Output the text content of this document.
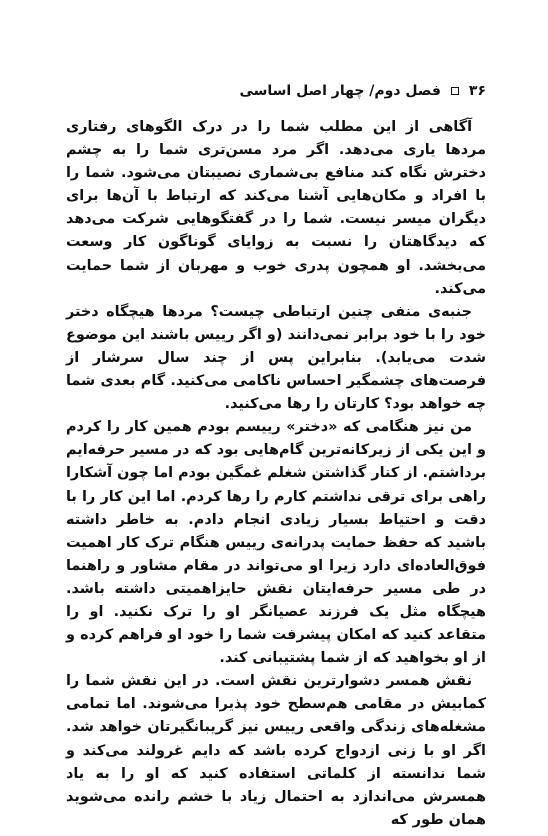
۳۶
فصل دوم/ چهار اصل اساسی

آگاهی از این مطلب شما را در درک الگوهای رفتاری مردها یاری می‌دهد. اگر مرد مسن‌تری شما را به چشم دخترش نگاه کند منافع بی‌شماری نصیبتان می‌شود. شما را با افراد و مکان‌هایی آشنا می‌کند که ارتباط با آن‌ها برای دیگران میسر نیست. شما را در گفتگوهایی شرکت می‌دهد که دیدگاهتان را نسبت به زوایای گوناگون کار وسعت می‌بخشد. او همچون پدری خوب و مهربان از شما حمایت می‌کند.

جنبه‌ی منفی چنین ارتباطی چیست؟ مردها هیچگاه دختر خود را با خود برابر نمی‌دانند (و اگر رییس باشند این موضوع شدت می‌یابد). بنابراین پس از چند سال سرشار از فرصت‌های چشمگیر احساس ناکامی می‌کنید. گام بعدی شما چه خواهد بود؟ کارتان را رها می‌کنید.

من نیز هنگامی که «دختر» رییسم بودم همین کار را کردم و این یکی از زیرکانه‌ترین گام‌هایی بود که در مسیر حرفه‌ایم برداشتم. از کنار گذاشتن شغلم غمگین بودم اما چون آشکارا راهی برای ترقی نداشتم کارم را رها کردم. اما این کار را با دقت و احتیاط بسیار زیادی انجام دادم. به خاطر داشته باشید که حفظ حمایت پدرانه‌ی رییس هنگام ترک کار اهمیت فوق‌العاده‌ای دارد زیرا او می‌تواند در مقام مشاور و راهنما در طی مسیر حرفه‌ایتان نقش حایزاهمیتی داشته باشد. هیچگاه مثل یک فرزند عصیانگر او را ترک نکنید. او را متقاعد کنید که امکان پیشرفت شما را خود او فراهم کرده و از او بخواهید که از شما پشتیبانی کند.

نقش همسر دشوارترین نقش است. در این نقش شما را کمابیش در مقامی هم‌سطح خود پذیرا می‌شوند. اما تمامی مشغله‌های زندگی واقعی رییس نیز گریبانگیرتان خواهد شد. اگر او با زنی ازدواج کرده باشد که دایم غرولند می‌کند و شما ندانسته از کلماتی استفاده کنید که او را به یاد همسرش می‌اندازد به احتمال زیاد با خشم رانده می‌شوید همان طور که
